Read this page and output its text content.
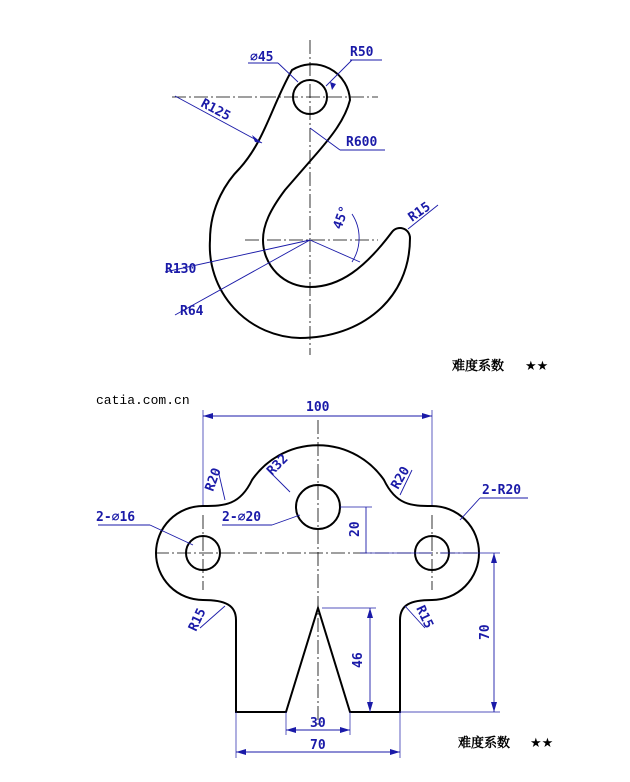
∅45	R50
R125
R600
45°	R15
R130
R64
难度系数 ★★
catia.com.cn	100
R20
R32	R20	2-R20
2-∅16	2-∅20
20
R15	R15
70
46
30
70	难度系数 ★★
